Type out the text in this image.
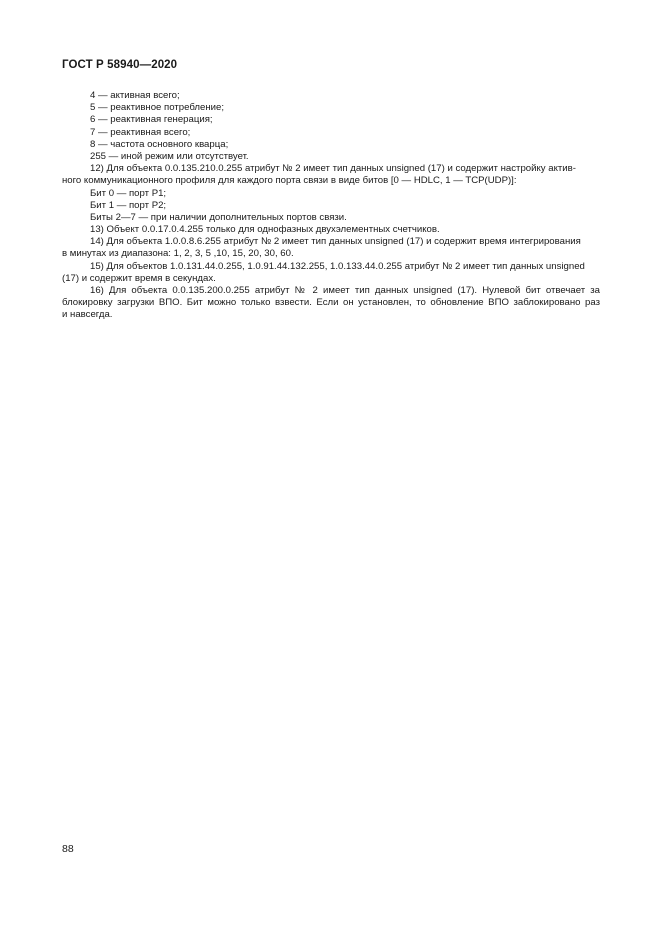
ГОСТ Р 58940—2020
4 — активная всего;
5 — реактивное потребление;
6 — реактивная генерация;
7 — реактивная всего;
8 — частота основного кварца;
255 — иной режим или отсутствует.
12) Для объекта 0.0.135.210.0.255 атрибут № 2 имеет тип данных unsigned (17) и содержит настройку актив-
ного коммуникационного профиля для каждого порта связи в виде битов [0 — HDLC, 1 — TCP(UDP)]:
Бит 0 — порт P1;
Бит 1 — порт P2;
Биты 2—7 — при наличии дополнительных портов связи.
13) Объект 0.0.17.0.4.255 только для однофазных двухэлементных счетчиков.
14) Для объекта 1.0.0.8.6.255 атрибут № 2 имеет тип данных unsigned (17) и содержит время интегрирования
в минутах из диапазона: 1, 2, 3, 5 ,10, 15, 20, 30, 60.
15) Для объектов 1.0.131.44.0.255, 1.0.91.44.132.255, 1.0.133.44.0.255 атрибут № 2 имеет тип данных unsigned
(17) и содержит время в секундах.
16) Для объекта 0.0.135.200.0.255 атрибут № 2 имеет тип данных unsigned (17). Нулевой бит отвечает за
блокировку загрузки ВПО. Бит можно только взвести. Если он установлен, то обновление ВПО заблокировано раз
и навсегда.
88
